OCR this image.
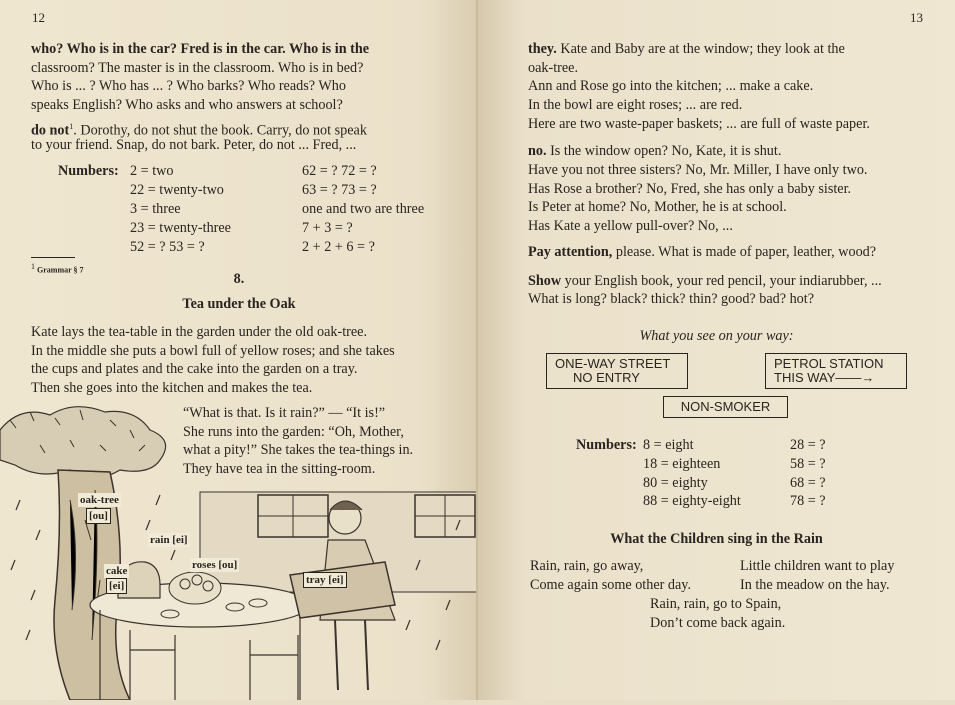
12
who? Who is in the car? Fred is in the car. Who is in the
classroom? The master is in the classroom. Who is in bed?
Who is ... ? Who has ... ? Who barks? Who reads? Who
speaks English? Who asks and who answers at school?
do not$^1$. Dorothy, do not shut the book. Carry, do not speak
to your friend. Snap, do not bark. Peter, do not ... Fred, ...
Numbers: 2 = two
22 = twenty-two
3 = three
23 = twenty-three
52 = ? 53 = ?
62 = ? 72 = ?
63 = ? 73 = ?
one and two are three
7 + 3 = ?
2 + 2 + 6 = ?
1 Grammar § 7
8.
Tea under the Oak
Kate lays the tea-table in the garden under the old oak-tree.
In the middle she puts a bowl full of yellow roses; and she takes
the cups and plates and the cake into the garden on a tray.
Then she goes into the kitchen and makes the tea.
oak-tree
[ou]
rain [ei]
cake
[ei]
roses [ou]
tray [ei]
“What is that. Is it rain?” — “It is!”
She runs into the garden: “Oh, Mother,
what a pity!” She takes the tea-things in.
They have tea in the sitting-room.
13
they. Kate and Baby are at the window; they look at the
oak-tree.
Ann and Rose go into the kitchen; ... make a cake.
In the bowl are eight roses; ... are red.
Here are two waste-paper baskets; ... are full of waste paper.
no. Is the window open? No, Kate, it is shut.
Have you not three sisters? No, Mr. Miller, I have only two.
Has Rose a brother? No, Fred, she has only a baby sister.
Is Peter at home? No, Mother, he is at school.
Has Kate a yellow pull-over? No, ...
Pay attention, please. What is made of paper, leather, wood?
Show your English book, your red pencil, your indiarubber, ...
What is long? black? thick? thin? good? bad? hot?
What you see on your way:
ONE-WAY STREET
NO ENTRY
PETROL STATION
THIS WAY——→
NON-SMOKER
Numbers: 8 = eight
18 = eighteen
80 = eighty
88 = eighty-eight
28 = ?
58 = ?
68 = ?
78 = ?
What the Children sing in the Rain
Rain, rain, go away,
Come again some other day.
Little children want to play
In the meadow on the hay.
Rain, rain, go to Spain,
Don’t come back again.
